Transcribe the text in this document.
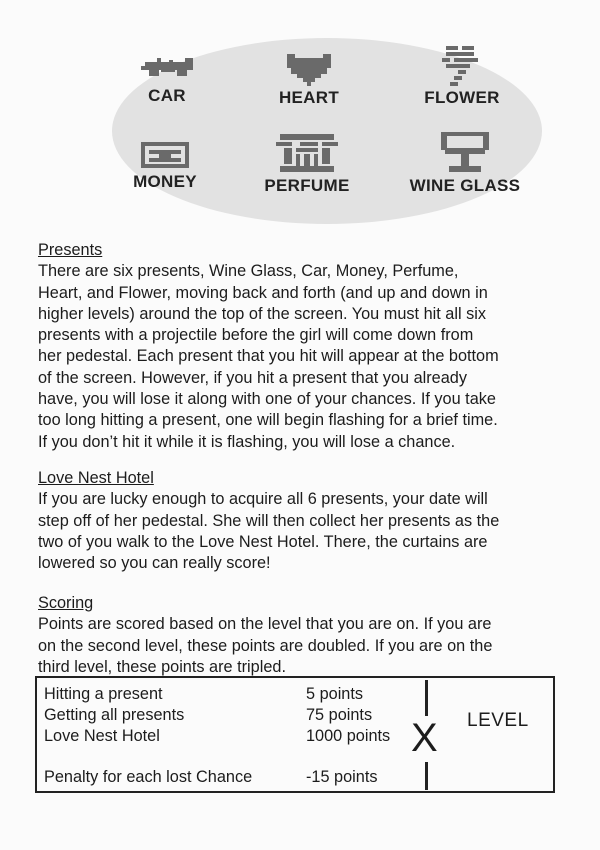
CAR	HEART	FLOWER
MONEY	PERFUME	WINE GLASS
Presents
There are six presents, Wine Glass, Car, Money, Perfume,
Heart, and Flower, moving back and forth (and up and down in
higher levels) around the top of the screen. You must hit all six
presents with a projectile before the girl will come down from
her pedestal. Each present that you hit will appear at the bottom
of the screen. However, if you hit a present that you already
have, you will lose it along with one of your chances. If you take
too long hitting a present, one will begin flashing for a brief time.
If you don’t hit it while it is flashing, you will lose a chance.
Love Nest Hotel
If you are lucky enough to acquire all 6 presents, your date will
step off of her pedestal. She will then collect her presents as the
two of you walk to the Love Nest Hotel. There, the curtains are
lowered so you can really score!
Scoring
Points are scored based on the level that you are on. If you are
on the second level, these points are doubled. If you are on the
third level, these points are tripled.
Hitting a present	5 points
Getting all presents	75 points
Love Nest Hotel	1000 points
Penalty for each lost Chance	-15 points
X LEVEL
